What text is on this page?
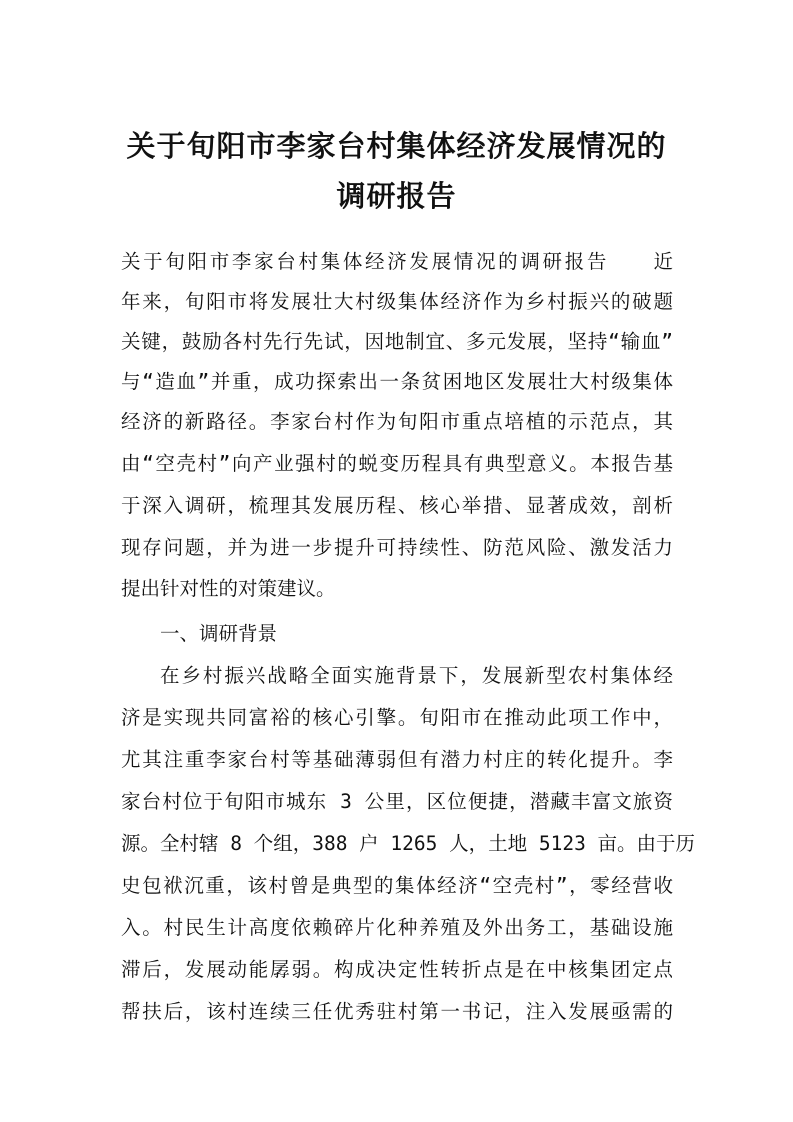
关于旬阳市李家台村集体经济发展情况的
调研报告
关于旬阳市李家台村集体经济发展情况的调研报告　　近
年来，旬阳市将发展壮大村级集体经济作为乡村振兴的破题
关键，鼓励各村先行先试，因地制宜、多元发展，坚持“输血”
与“造血”并重，成功探索出一条贫困地区发展壮大村级集体
经济的新路径。李家台村作为旬阳市重点培植的示范点，其
由“空壳村”向产业强村的蜕变历程具有典型意义。本报告基
于深入调研，梳理其发展历程、核心举措、显著成效，剖析
现存问题，并为进一步提升可持续性、防范风险、激发活力
提出针对性的对策建议。
一、调研背景
在乡村振兴战略全面实施背景下，发展新型农村集体经
济是实现共同富裕的核心引擎。旬阳市在推动此项工作中，
尤其注重李家台村等基础薄弱但有潜力村庄的转化提升。李
家台村位于旬阳市城东 3 公里，区位便捷，潜藏丰富文旅资
源。全村辖 8 个组，388 户 1265 人，土地 5123 亩。由于历
史包袱沉重，该村曾是典型的集体经济“空壳村”，零经营收
入。村民生计高度依赖碎片化种养殖及外出务工，基础设施
滞后，发展动能孱弱。构成决定性转折点是在中核集团定点
帮扶后，该村连续三任优秀驻村第一书记，注入发展亟需的
